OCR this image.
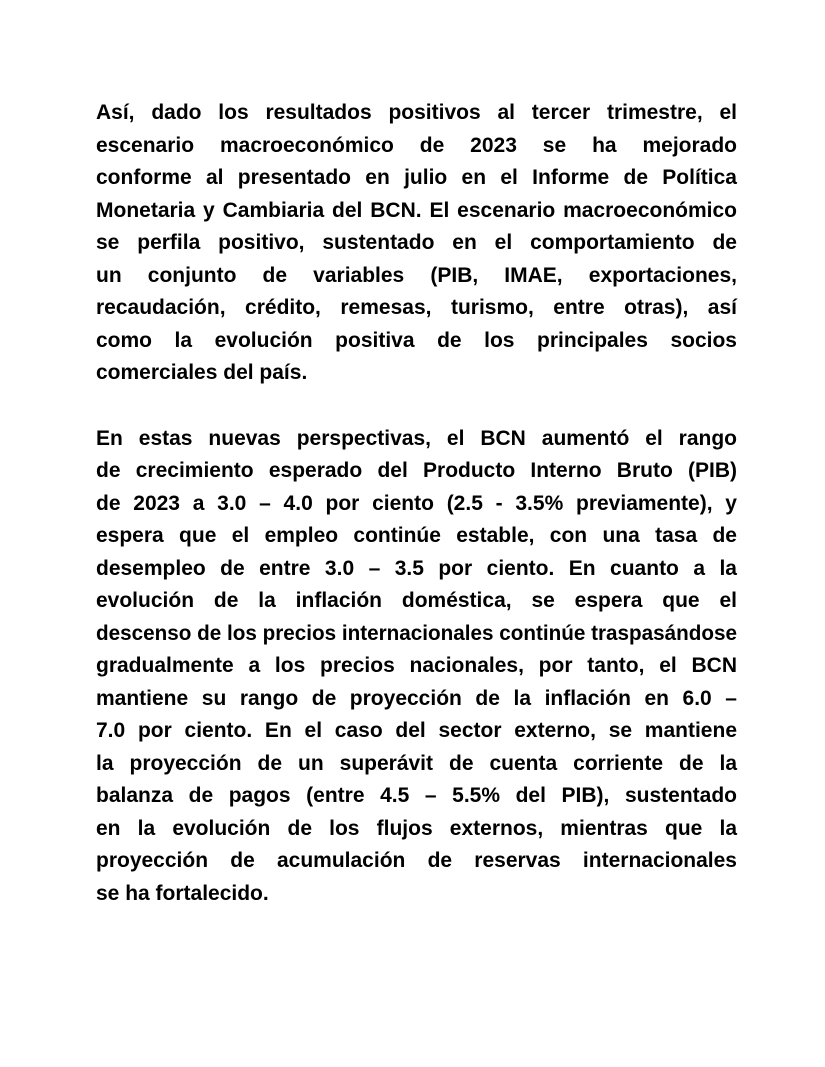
Así, dado los resultados positivos al tercer trimestre, el
escenario macroeconómico de 2023 se ha mejorado
conforme al presentado en julio en el Informe de Política
Monetaria y Cambiaria del BCN. El escenario macroeconómico
se perfila positivo, sustentado en el comportamiento de
un conjunto de variables (PIB, IMAE, exportaciones,
recaudación, crédito, remesas, turismo, entre otras), así
como la evolución positiva de los principales socios
comerciales del país.
En estas nuevas perspectivas, el BCN aumentó el rango
de crecimiento esperado del Producto Interno Bruto (PIB)
de 2023 a 3.0 – 4.0 por ciento (2.5 - 3.5% previamente), y
espera que el empleo continúe estable, con una tasa de
desempleo de entre 3.0 – 3.5 por ciento. En cuanto a la
evolución de la inflación doméstica, se espera que el
descenso de los precios internacionales continúe traspasándose
gradualmente a los precios nacionales, por tanto, el BCN
mantiene su rango de proyección de la inflación en 6.0 –
7.0 por ciento. En el caso del sector externo, se mantiene
la proyección de un superávit de cuenta corriente de la
balanza de pagos (entre 4.5 – 5.5% del PIB), sustentado
en la evolución de los flujos externos, mientras que la
proyección de acumulación de reservas internacionales
se ha fortalecido.
